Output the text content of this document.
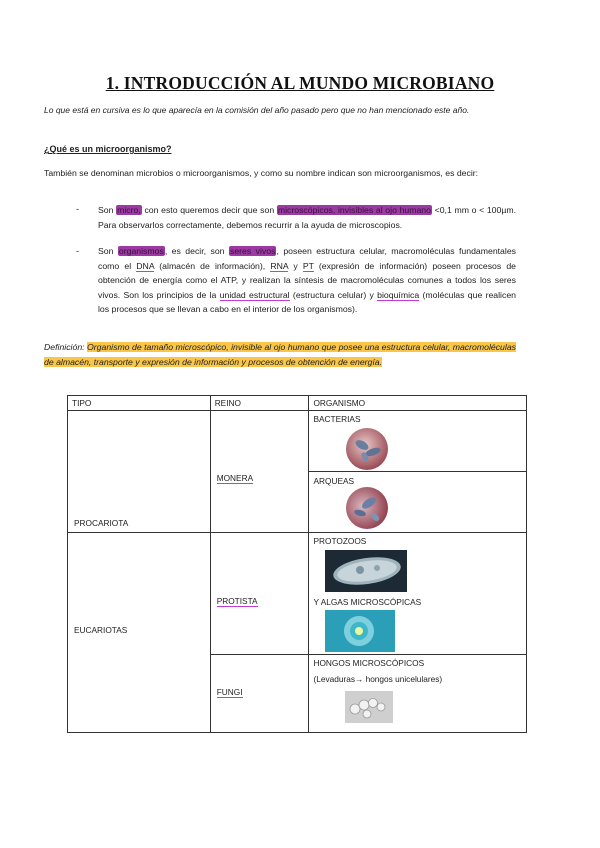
1. INTRODUCCIÓN AL MUNDO MICROBIANO
Lo que está en cursiva es lo que aparecía en la comisión del año pasado pero que no han mencionado este año.
¿Qué es un microorganismo?
También se denominan microbios o microorganismos, y como su nombre indican son microorganismos, es decir:
- Son micro, con esto queremos decir que son microscópicos, invisibles al ojo humano <0,1 mm o < 100µm. Para observarlos correctamente, debemos recurrir a la ayuda de microscopios.
- Son organismos, es decir, son seres vivos, poseen estructura celular, macromoléculas fundamentales como el DNA (almacén de información), RNA y PT (expresión de información) poseen procesos de obtención de energía como el ATP, y realizan la síntesis de macromoléculas comunes a todos los seres vivos. Son los principios de la unidad estructural (estructura celular) y bioquímica (moléculas que realicen los procesos que se llevan a cabo en el interior de los organismos).
Definición: Organismo de tamaño microscópico, invisible al ojo humano que posee una estructura celular, macromoléculas de almacén, transporte y expresión de información y procesos de obtención de energía.
TIPO	REINO	ORGANISMO

PROCARIOTA	MONERA	BACTERIAS

		ARQUEAS

EUCARIOTAS	PROTISTA	PROTOZOOS
Y ALGAS MICROSCÓPICAS

	FUNGI	HONGOS MICROSCÓPICOS
(Levaduras→ hongos unicelulares)
